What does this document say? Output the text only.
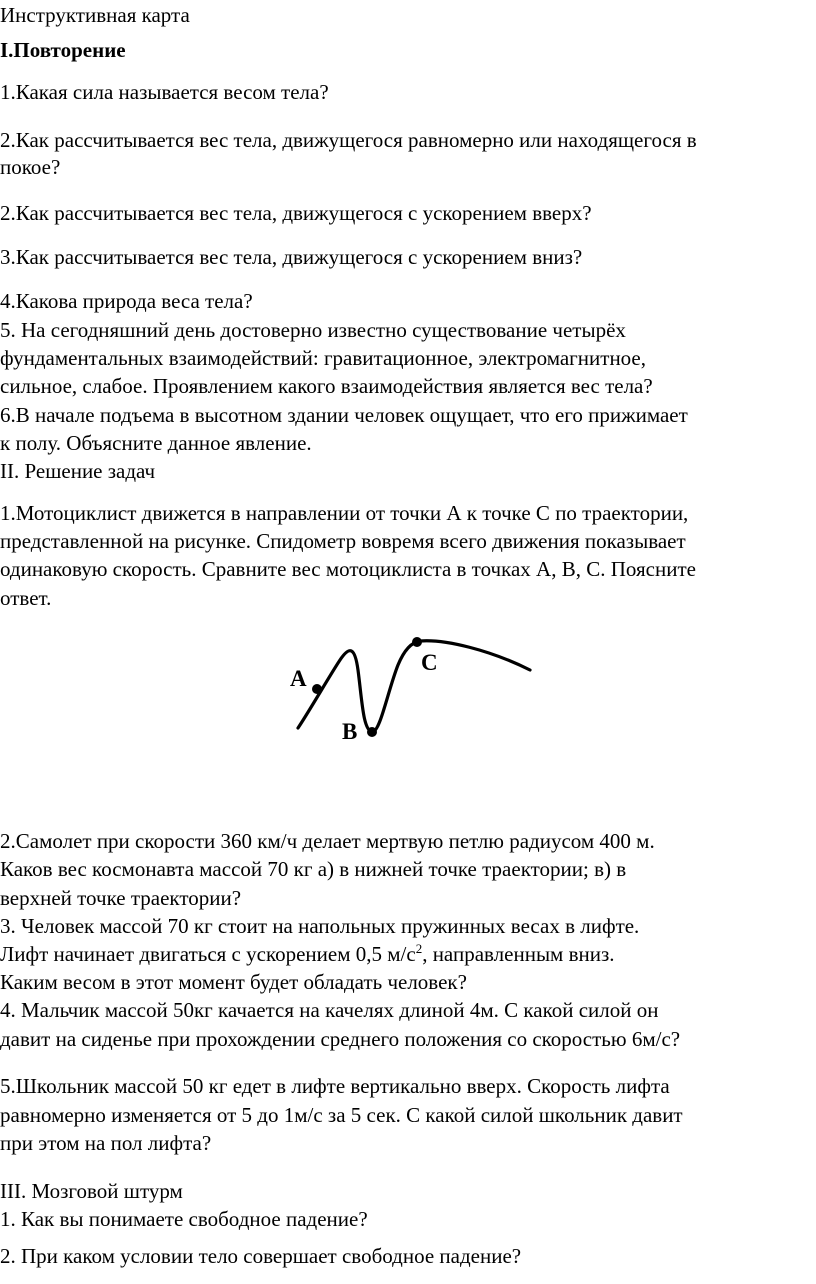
Инструктивная карта
I.Повторение
1.Какая сила называется весом тела?
2.Как рассчитывается вес тела, движущегося равномерно или находящегося в
покое?
2.Как рассчитывается вес тела, движущегося с ускорением вверх?
3.Как рассчитывается вес тела, движущегося с ускорением вниз?
4.Какова природа веса тела?
5. На сегодняшний день достоверно известно существование четырёх
фундаментальных взаимодействий: гравитационное, электромагнитное,
сильное, слабое. Проявлением какого взаимодействия является вес тела?
6.В начале подъема в высотном здании человек ощущает, что его прижимает
к полу. Объясните данное явление.
II. Решение задач
1.Мотоциклист движется в направлении от точки А к точке С по траектории,
представленной на рисунке. Спидометр вовремя всего движения показывает
одинаковую скорость. Сравните вес мотоциклиста в точках А, В, С. Поясните
ответ.
A
B
C
2.Самолет при скорости 360 км/ч делает мертвую петлю радиусом 400 м.
Каков вес космонавта массой 70 кг а) в нижней точке траектории; в) в
верхней точке траектории?
3. Человек массой 70 кг стоит на напольных пружинных весах в лифте.
Лифт начинает двигаться с ускорением 0,5 $м/с^2$, направленным вниз.
Каким весом в этот момент будет обладать человек?
4. Мальчик массой 50кг качается на качелях длиной 4м. С какой силой он
давит на сиденье при прохождении среднего положения со скоростью 6м/с?
5.Школьник массой 50 кг едет в лифте вертикально вверх. Скорость лифта
равномерно изменяется от 5 до 1м/с за 5 сек. С какой силой школьник давит
при этом на пол лифта?
III. Мозговой штурм
1. Как вы понимаете свободное падение?
2. При каком условии тело совершает свободное падение?
